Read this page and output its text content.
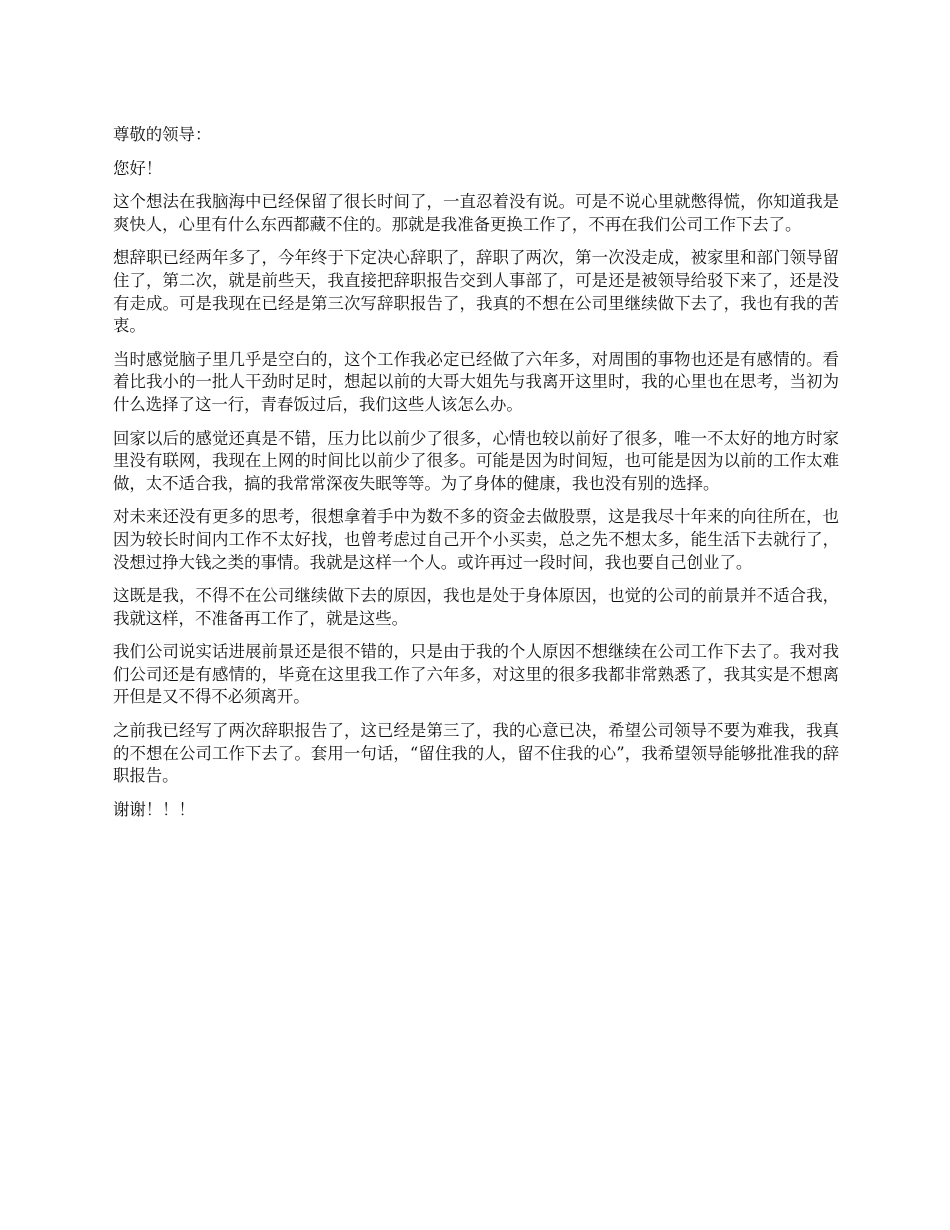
尊敬的领导：

您好！

这个想法在我脑海中已经保留了很长时间了，一直忍着没有说。可是不说心里就憋得慌，你知道我是爽快人，心里有什么东西都藏不住的。那就是我准备更换工作了，不再在我们公司工作下去了。

想辞职已经两年多了，今年终于下定决心辞职了，辞职了两次，第一次没走成，被家里和部门领导留住了，第二次，就是前些天，我直接把辞职报告交到人事部了，可是还是被领导给驳下来了，还是没有走成。可是我现在已经是第三次写辞职报告了，我真的不想在公司里继续做下去了，我也有我的苦衷。

当时感觉脑子里几乎是空白的，这个工作我必定已经做了六年多，对周围的事物也还是有感情的。看着比我小的一批人干劲时足时，想起以前的大哥大姐先与我离开这里时，我的心里也在思考，当初为什么选择了这一行，青春饭过后，我们这些人该怎么办。

回家以后的感觉还真是不错，压力比以前少了很多，心情也较以前好了很多，唯一不太好的地方时家里没有联网，我现在上网的时间比以前少了很多。可能是因为时间短，也可能是因为以前的工作太难做，太不适合我，搞的我常常深夜失眠等等。为了身体的健康，我也没有别的选择。

对未来还没有更多的思考，很想拿着手中为数不多的资金去做股票，这是我尽十年来的向往所在，也因为较长时间内工作不太好找，也曾考虑过自己开个小买卖，总之先不想太多，能生活下去就行了，没想过挣大钱之类的事情。我就是这样一个人。或许再过一段时间，我也要自己创业了。

这既是我，不得不在公司继续做下去的原因，我也是处于身体原因，也觉的公司的前景并不适合我，我就这样，不准备再工作了，就是这些。

我们公司说实话进展前景还是很不错的，只是由于我的个人原因不想继续在公司工作下去了。我对我们公司还是有感情的，毕竟在这里我工作了六年多，对这里的很多我都非常熟悉了，我其实是不想离开但是又不得不必须离开。

之前我已经写了两次辞职报告了，这已经是第三了，我的心意已决，希望公司领导不要为难我，我真的不想在公司工作下去了。套用一句话，“留住我的人，留不住我的心”，我希望领导能够批准我的辞职报告。

谢谢！！！
